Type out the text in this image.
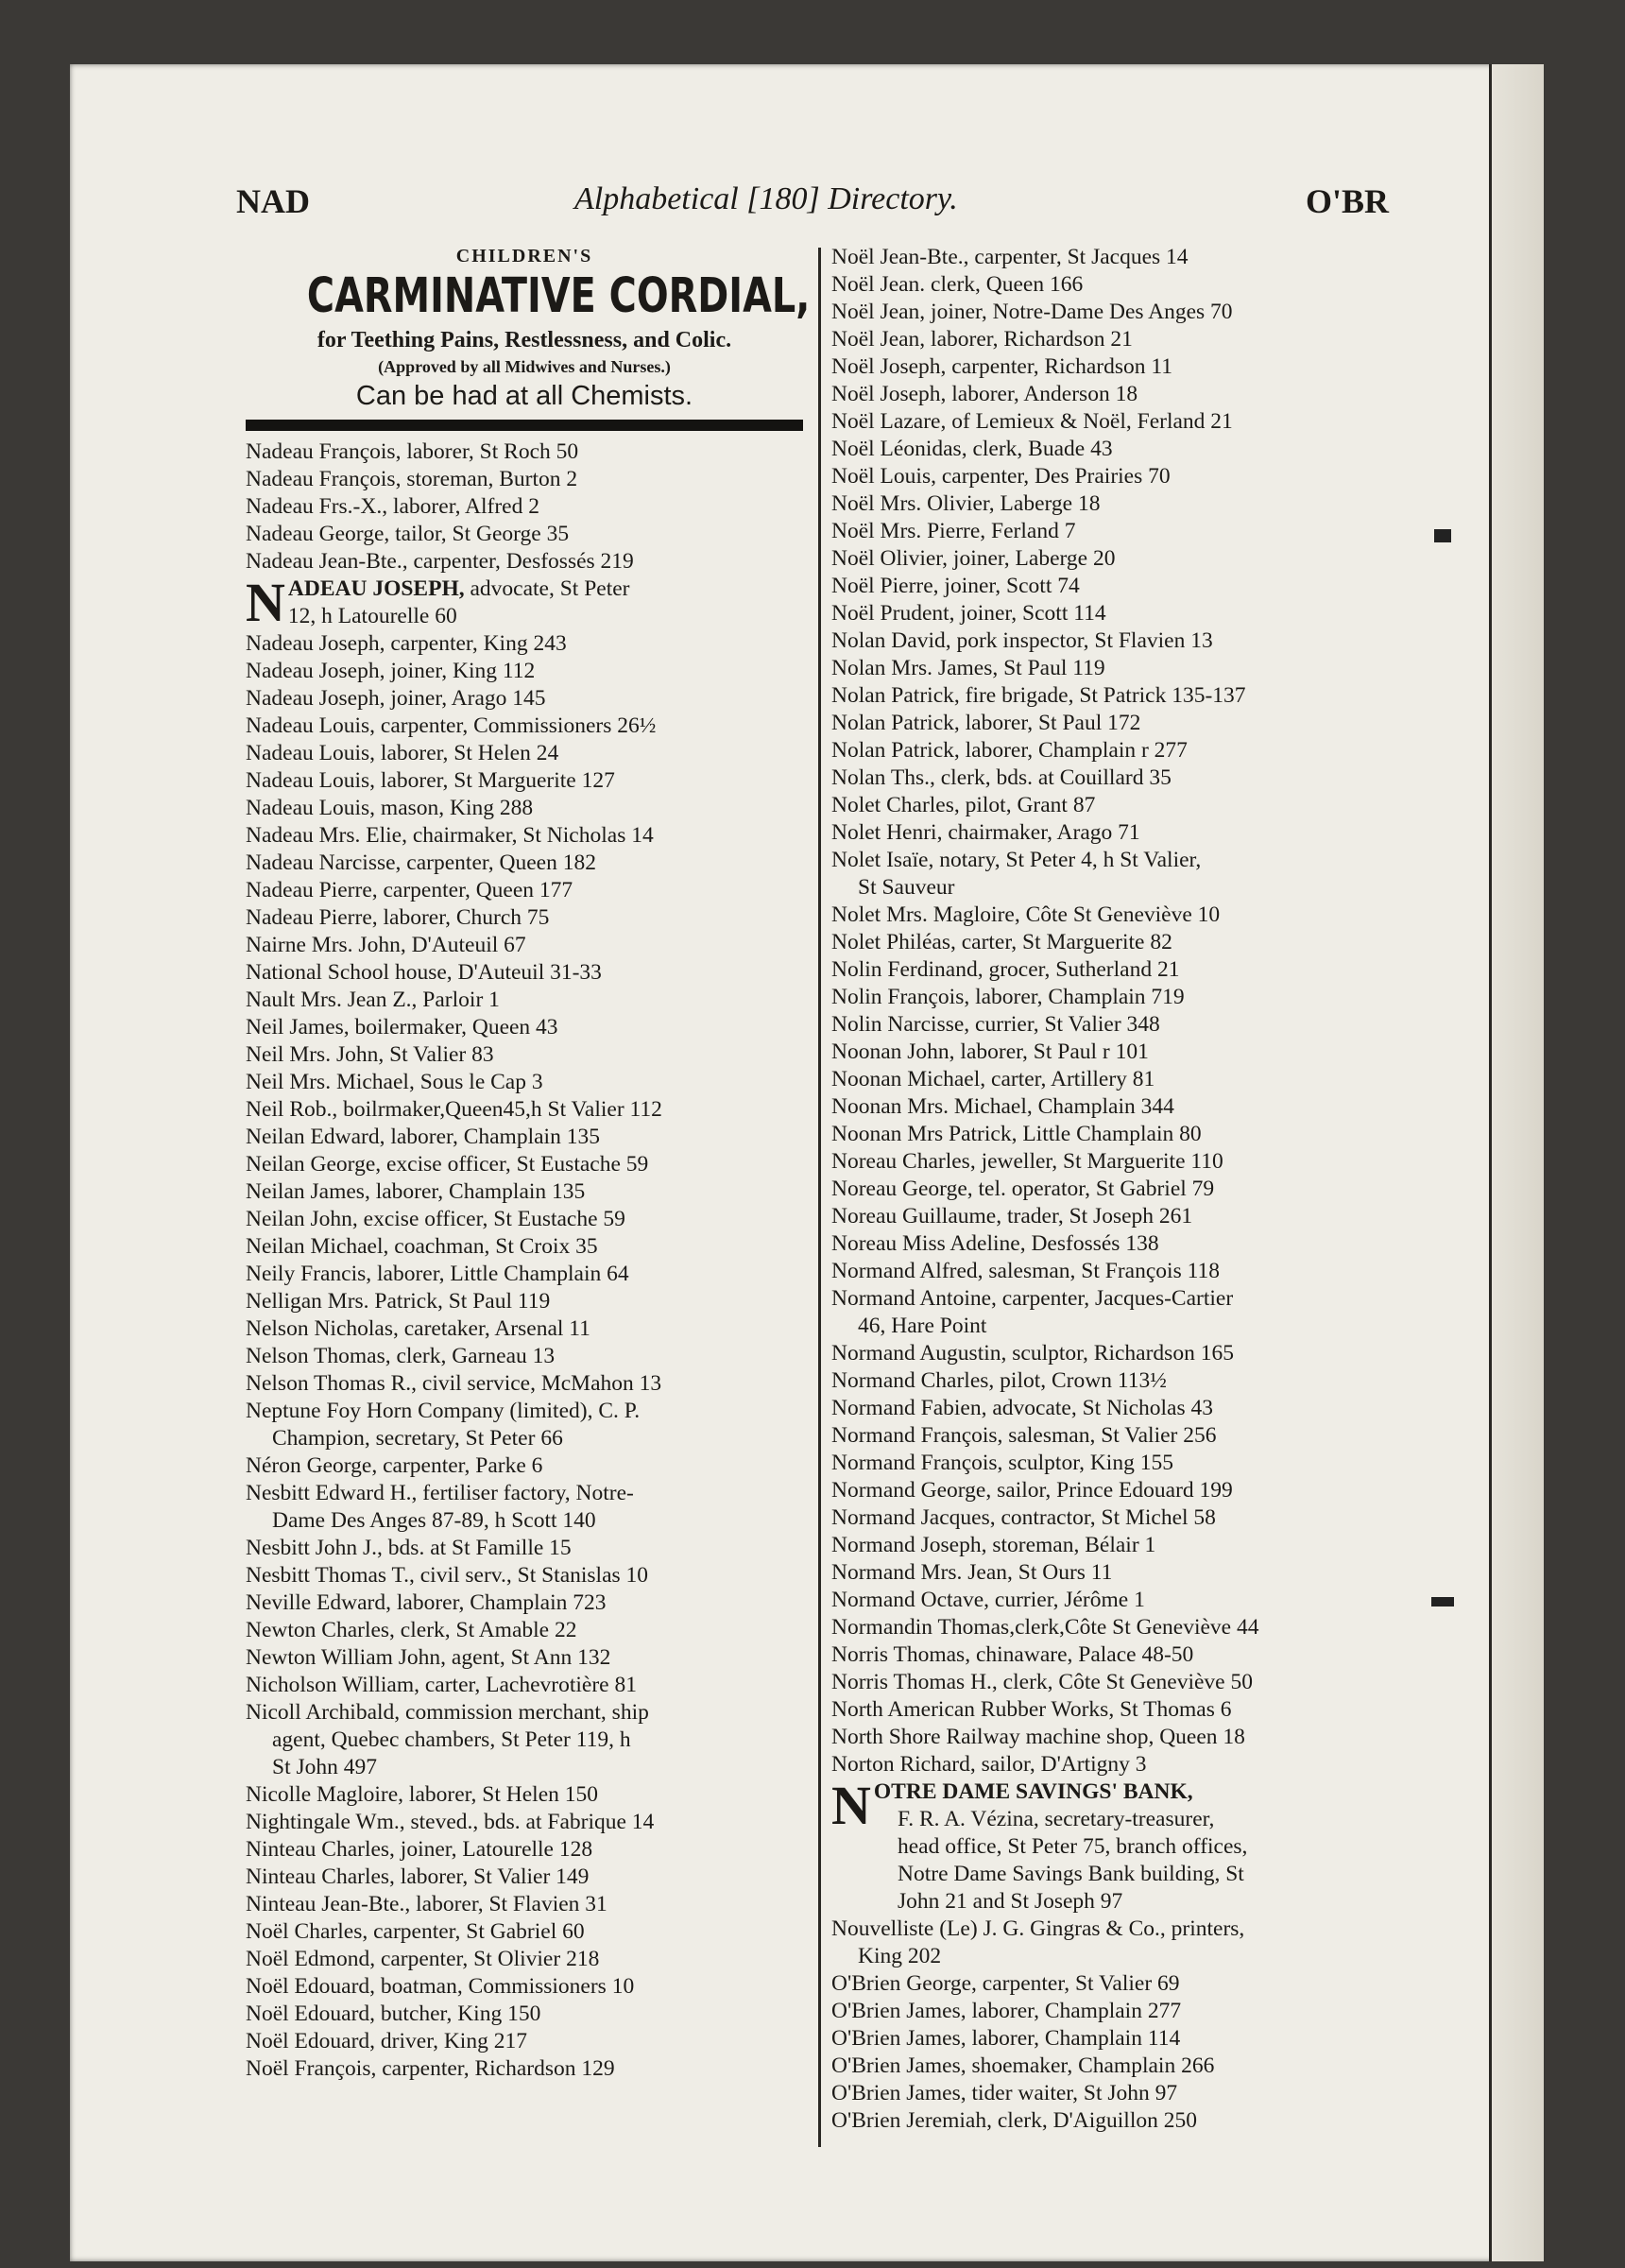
NAD	Alphabetical [180] Directory.	O'BR
CHILDREN'S
CARMINATIVE CORDIAL,
for Teething Pains, Restlessness, and Colic.
(Approved by all Midwives and Nurses.)
Can be had at all Chemists.
Nadeau François, laborer, St Roch 50
Nadeau François, storeman, Burton 2
Nadeau Frs.-X., laborer, Alfred 2
Nadeau George, tailor, St George 35
Nadeau Jean-Bte., carpenter, Desfossés 219
N ADEAU JOSEPH, advocate, St Peter
12, h Latourelle 60
Nadeau Joseph, carpenter, King 243
Nadeau Joseph, joiner, King 112
Nadeau Joseph, joiner, Arago 145
Nadeau Louis, carpenter, Commissioners 26½
Nadeau Louis, laborer, St Helen 24
Nadeau Louis, laborer, St Marguerite 127
Nadeau Louis, mason, King 288
Nadeau Mrs. Elie, chairmaker, St Nicholas 14
Nadeau Narcisse, carpenter, Queen 182
Nadeau Pierre, carpenter, Queen 177
Nadeau Pierre, laborer, Church 75
Nairne Mrs. John, D'Auteuil 67
National School house, D'Auteuil 31-33
Nault Mrs. Jean Z., Parloir 1
Neil James, boilermaker, Queen 43
Neil Mrs. John, St Valier 83
Neil Mrs. Michael, Sous le Cap 3
Neil Rob., boilrmaker,Queen45,h St Valier 112
Neilan Edward, laborer, Champlain 135
Neilan George, excise officer, St Eustache 59
Neilan James, laborer, Champlain 135
Neilan John, excise officer, St Eustache 59
Neilan Michael, coachman, St Croix 35
Neily Francis, laborer, Little Champlain 64
Nelligan Mrs. Patrick, St Paul 119
Nelson Nicholas, caretaker, Arsenal 11
Nelson Thomas, clerk, Garneau 13
Nelson Thomas R., civil service, McMahon 13
Neptune Foy Horn Company (limited), C. P.
Champion, secretary, St Peter 66
Néron George, carpenter, Parke 6
Nesbitt Edward H., fertiliser factory, Notre-
Dame Des Anges 87-89, h Scott 140
Nesbitt John J., bds. at St Famille 15
Nesbitt Thomas T., civil serv., St Stanislas 10
Neville Edward, laborer, Champlain 723
Newton Charles, clerk, St Amable 22
Newton William John, agent, St Ann 132
Nicholson William, carter, Lachevrotière 81
Nicoll Archibald, commission merchant, ship
agent, Quebec chambers, St Peter 119, h
St John 497
Nicolle Magloire, laborer, St Helen 150
Nightingale Wm., steved., bds. at Fabrique 14
Ninteau Charles, joiner, Latourelle 128
Ninteau Charles, laborer, St Valier 149
Ninteau Jean-Bte., laborer, St Flavien 31
Noël Charles, carpenter, St Gabriel 60
Noël Edmond, carpenter, St Olivier 218
Noël Edouard, boatman, Commissioners 10
Noël Edouard, butcher, King 150
Noël Edouard, driver, King 217
Noël François, carpenter, Richardson 129
Noël Jean-Bte., carpenter, St Jacques 14
Noël Jean. clerk, Queen 166
Noël Jean, joiner, Notre-Dame Des Anges 70
Noël Jean, laborer, Richardson 21
Noël Joseph, carpenter, Richardson 11
Noël Joseph, laborer, Anderson 18
Noël Lazare, of Lemieux & Noël, Ferland 21
Noël Léonidas, clerk, Buade 43
Noël Louis, carpenter, Des Prairies 70
Noël Mrs. Olivier, Laberge 18
Noël Mrs. Pierre, Ferland 7
Noël Olivier, joiner, Laberge 20
Noël Pierre, joiner, Scott 74
Noël Prudent, joiner, Scott 114
Nolan David, pork inspector, St Flavien 13
Nolan Mrs. James, St Paul 119
Nolan Patrick, fire brigade, St Patrick 135-137
Nolan Patrick, laborer, St Paul 172
Nolan Patrick, laborer, Champlain r 277
Nolan Ths., clerk, bds. at Couillard 35
Nolet Charles, pilot, Grant 87
Nolet Henri, chairmaker, Arago 71
Nolet Isaïe, notary, St Peter 4, h St Valier,
St Sauveur
Nolet Mrs. Magloire, Côte St Geneviève 10
Nolet Philéas, carter, St Marguerite 82
Nolin Ferdinand, grocer, Sutherland 21
Nolin François, laborer, Champlain 719
Nolin Narcisse, currier, St Valier 348
Noonan John, laborer, St Paul r 101
Noonan Michael, carter, Artillery 81
Noonan Mrs. Michael, Champlain 344
Noonan Mrs Patrick, Little Champlain 80
Noreau Charles, jeweller, St Marguerite 110
Noreau George, tel. operator, St Gabriel 79
Noreau Guillaume, trader, St Joseph 261
Noreau Miss Adeline, Desfossés 138
Normand Alfred, salesman, St François 118
Normand Antoine, carpenter, Jacques-Cartier
46, Hare Point
Normand Augustin, sculptor, Richardson 165
Normand Charles, pilot, Crown 113½
Normand Fabien, advocate, St Nicholas 43
Normand François, salesman, St Valier 256
Normand François, sculptor, King 155
Normand George, sailor, Prince Edouard 199
Normand Jacques, contractor, St Michel 58
Normand Joseph, storeman, Bélair 1
Normand Mrs. Jean, St Ours 11
Normand Octave, currier, Jérôme 1
Normandin Thomas,clerk,Côte St Geneviève 44
Norris Thomas, chinaware, Palace 48-50
Norris Thomas H., clerk, Côte St Geneviève 50
North American Rubber Works, St Thomas 6
North Shore Railway machine shop, Queen 18
Norton Richard, sailor, D'Artigny 3
N OTRE DAME SAVINGS' BANK,
F. R. A. Vézina, secretary-treasurer,
head office, St Peter 75, branch offices,
Notre Dame Savings Bank building, St
John 21 and St Joseph 97
Nouvelliste (Le) J. G. Gingras & Co., printers,
King 202
O'Brien George, carpenter, St Valier 69
O'Brien James, laborer, Champlain 277
O'Brien James, laborer, Champlain 114
O'Brien James, shoemaker, Champlain 266
O'Brien James, tider waiter, St John 97
O'Brien Jeremiah, clerk, D'Aiguillon 250
